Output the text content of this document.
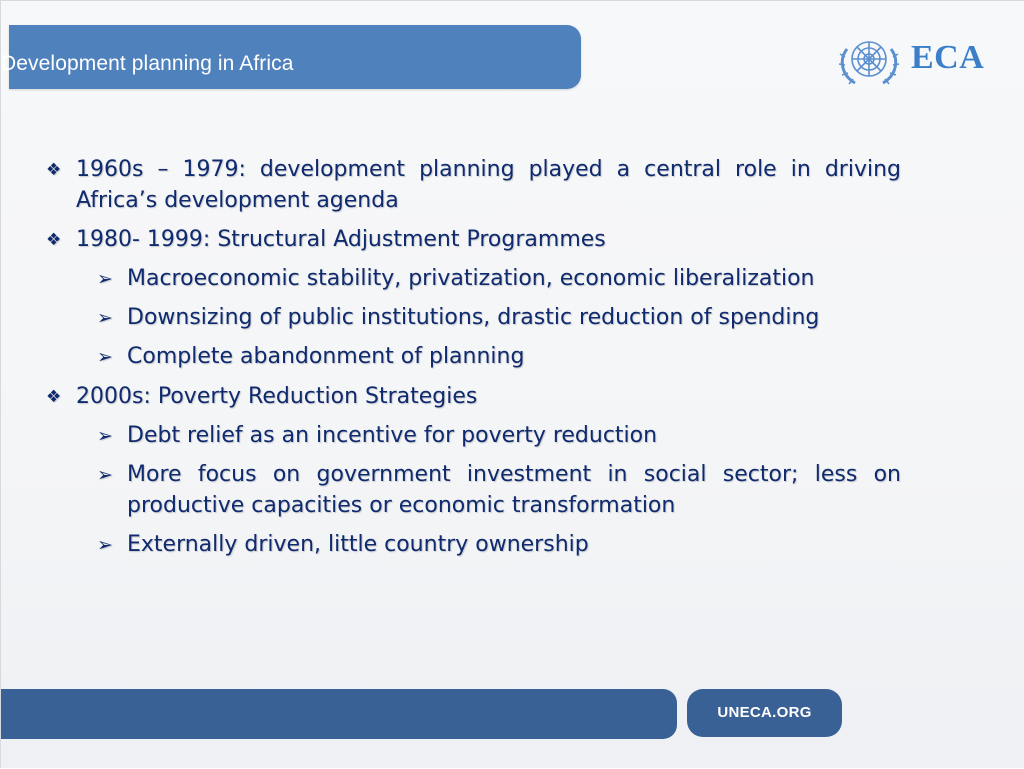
Development planning in Africa	ECA
❖ 1960s – 1979: development planning played a central role in driving Africa’s development agenda
❖ 1980- 1999: Structural Adjustment Programmes
➢ Macroeconomic stability, privatization, economic liberalization
➢ Downsizing of public institutions, drastic reduction of spending
➢ Complete abandonment of planning
❖ 2000s: Poverty Reduction Strategies
➢ Debt relief as an incentive for poverty reduction
➢ More focus on government investment in social sector; less on productive capacities or economic transformation
➢ Externally driven, little country ownership
UNECA.ORG
